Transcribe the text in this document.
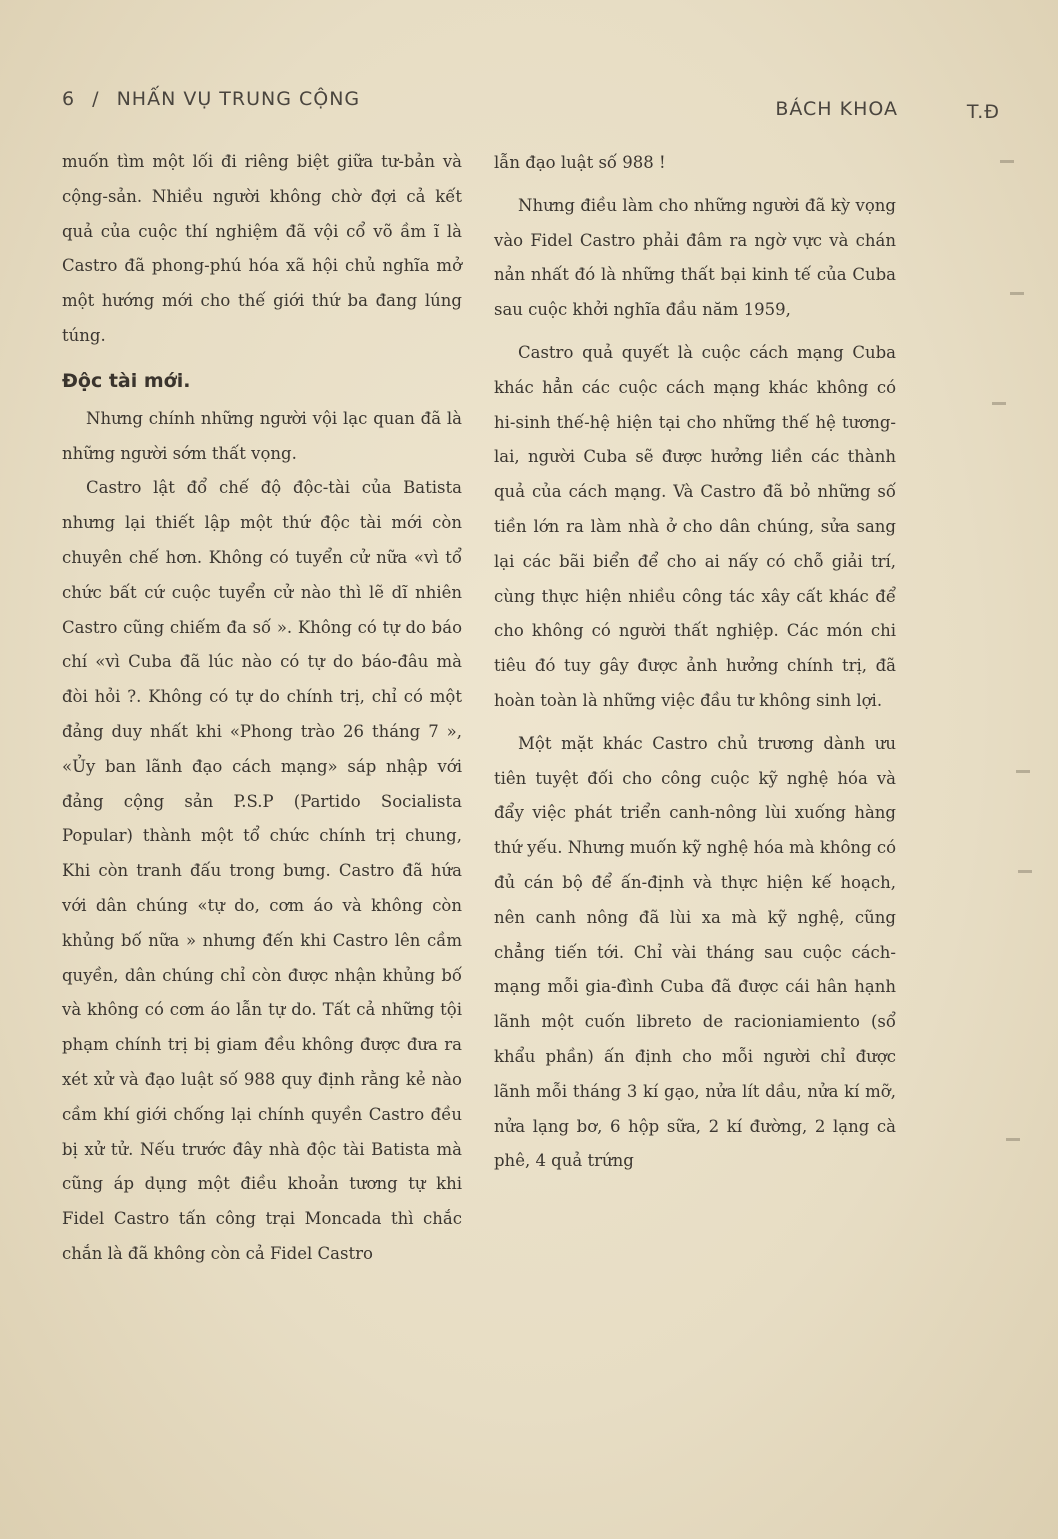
6 / NHẤN VỤ TRUNG CỘNG	BÁCH KHOA	T.Đ

muốn tìm một lối đi riêng biệt giữa tư-bản và cộng-sản. Nhiều người không chờ đợi cả kết quả của cuộc thí nghiệm đã vội cổ võ ầm ĩ là Castro đã phong-phú hóa xã hội chủ nghĩa mở một hướng mới cho thế giới thứ ba đang lúng túng.

Độc tài mới.

Nhưng chính những người vội lạc quan đã là những người sớm thất vọng.

Castro lật đổ chế độ độc-tài của Batista nhưng lại thiết lập một thứ độc tài mới còn chuyên chế hơn. Không có tuyển cử nữa «vì tổ chức bất cứ cuộc tuyển cử nào thì lẽ dĩ nhiên Castro cũng chiếm đa số ». Không có tự do báo chí «vì Cuba đã lúc nào có tự do báo-đâu mà đòi hỏi ?. Không có tự do chính trị, chỉ có một đảng duy nhất khi «Phong trào 26 tháng 7 », «Ủy ban lãnh đạo cách mạng» sáp nhập với đảng cộng sản P.S.P (Partido Socialista Popular) thành một tổ chức chính trị chung, Khi còn tranh đấu trong bưng. Castro đã hứa với dân chúng «tự do, cơm áo và không còn khủng bố nữa » nhưng đến khi Castro lên cầm quyền, dân chúng chỉ còn được nhận khủng bố và không có cơm áo lẫn tự do. Tất cả những tội phạm chính trị bị giam đều không được đưa ra xét xử và đạo luật số 988 quy định rằng kẻ nào cầm khí giới chống lại chính quyền Castro đều bị xử tử. Nếu trước đây nhà độc tài Batista mà cũng áp dụng một điều khoản tương tự khi Fidel Castro tấn công trại Moncada thì chắc chắn là đã không còn cả Fidel Castro

lẫn đạo luật số 988 !

Nhưng điều làm cho những người đã kỳ vọng vào Fidel Castro phải đâm ra ngờ vực và chán nản nhất đó là những thất bại kinh tế của Cuba sau cuộc khởi nghĩa đầu năm 1959,

Castro quả quyết là cuộc cách mạng Cuba khác hẳn các cuộc cách mạng khác không có hi-sinh thế-hệ hiện tại cho những thế hệ tương-lai, người Cuba sẽ được hưởng liền các thành quả của cách mạng. Và Castro đã bỏ những số tiền lớn ra làm nhà ở cho dân chúng, sửa sang lại các bãi biển để cho ai nấy có chỗ giải trí, cùng thực hiện nhiều công tác xây cất khác để cho không có người thất nghiệp. Các món chi tiêu đó tuy gây được ảnh hưởng chính trị, đã hoàn toàn là những việc đầu tư không sinh lợi.

Một mặt khác Castro chủ trương dành ưu tiên tuyệt đối cho công cuộc kỹ nghệ hóa và đẩy việc phát triển canh-nông lùi xuống hàng thứ yếu. Nhưng muốn kỹ nghệ hóa mà không có đủ cán bộ để ấn-định và thực hiện kế hoạch, nên canh nông đã lùi xa mà kỹ nghệ, cũng chẳng tiến tới. Chỉ vài tháng sau cuộc cách-mạng mỗi gia-đình Cuba đã được cái hân hạnh lãnh một cuốn libreto de racioniamiento (sổ khẩu phần) ấn định cho mỗi người chỉ được lãnh mỗi tháng 3 kí gạo, nửa lít dầu, nửa kí mỡ, nửa lạng bơ, 6 hộp sữa, 2 kí đường, 2 lạng cà phê, 4 quả trứng
